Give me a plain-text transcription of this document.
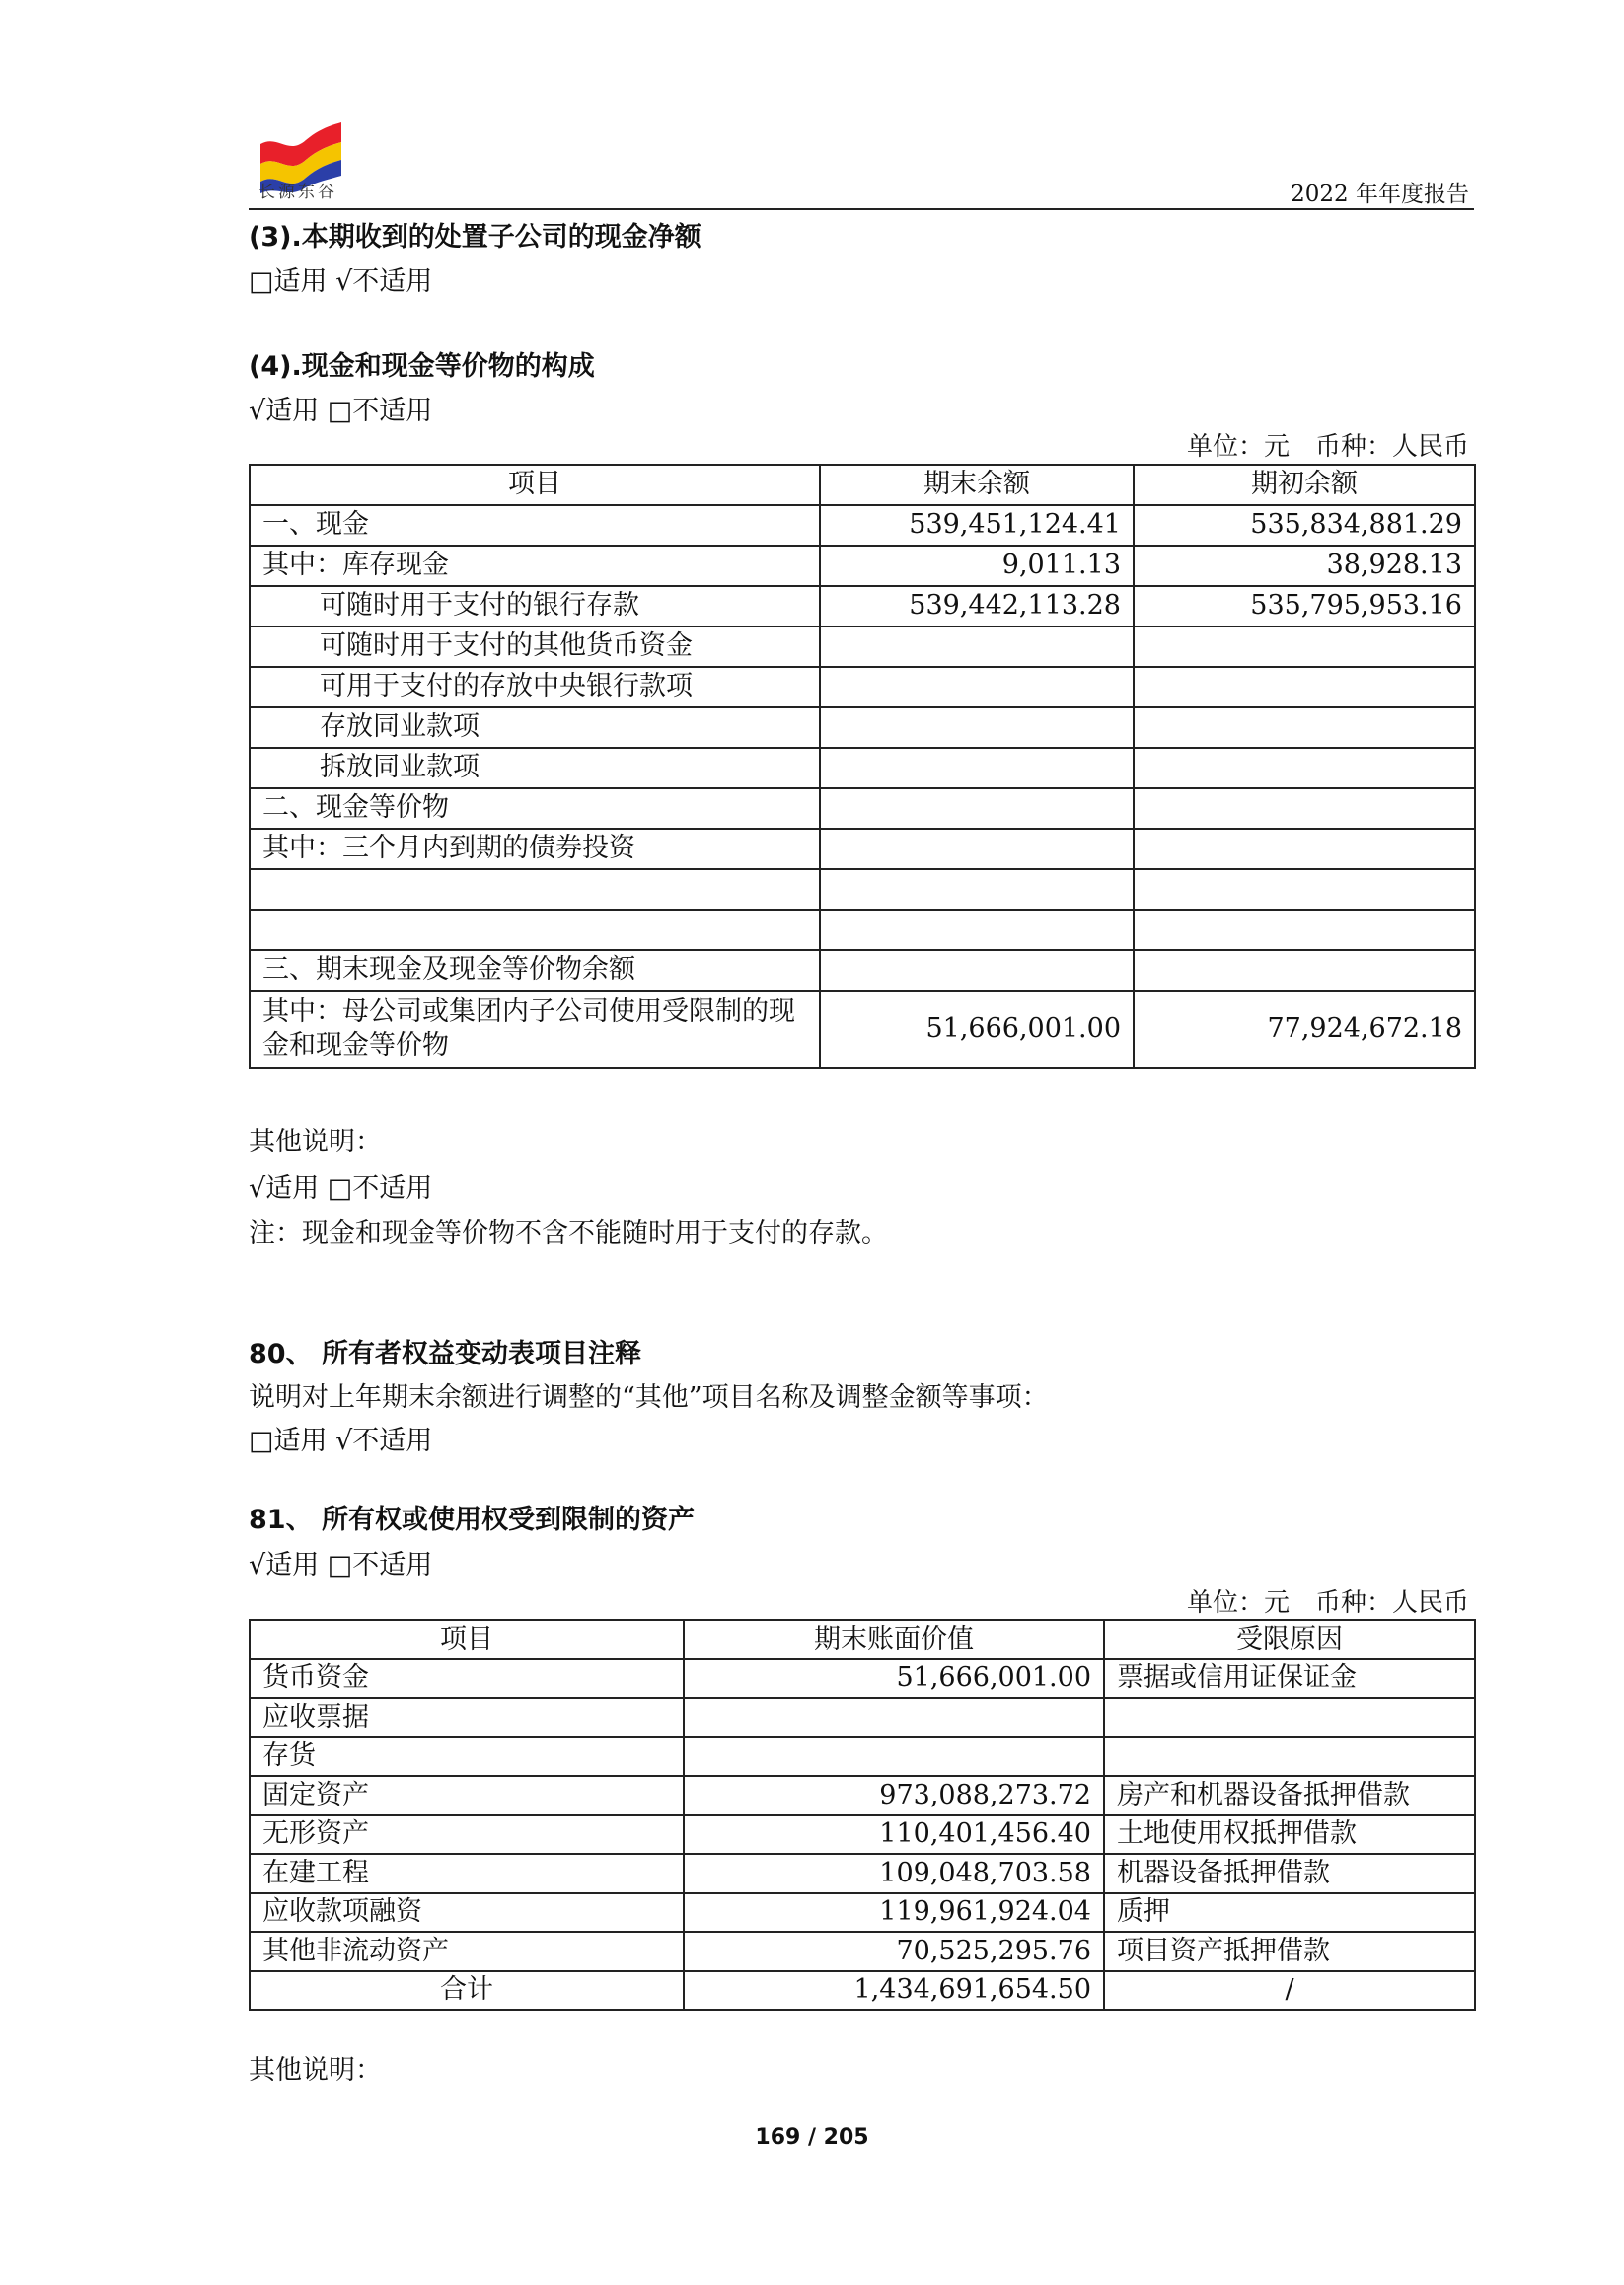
长源东谷	2022 年年度报告
(3).本期收到的处置子公司的现金净额
□适用 √不适用
(4).现金和现金等价物的构成
√适用 □不适用
单位：元　币种：人民币
项目	期末余额	期初余额
一、现金	539,451,124.41	535,834,881.29
其中：库存现金	9,011.13	38,928.13
可随时用于支付的银行存款	539,442,113.28	535,795,953.16
可随时用于支付的其他货币资金		
可用于支付的存放中央银行款项		
存放同业款项		
拆放同业款项		
二、现金等价物		
其中：三个月内到期的债券投资		

三、期末现金及现金等价物余额		
其中：母公司或集团内子公司使用受限制的现金和现金等价物	51,666,001.00	77,924,672.18
其他说明：
√适用 □不适用
注：现金和现金等价物不含不能随时用于支付的存款。
80、 所有者权益变动表项目注释
说明对上年期末余额进行调整的“其他”项目名称及调整金额等事项：
□适用 √不适用
81、 所有权或使用权受到限制的资产
√适用 □不适用
单位：元　币种：人民币
项目	期末账面价值	受限原因
货币资金	51,666,001.00	票据或信用证保证金
应收票据		
存货		
固定资产	973,088,273.72	房产和机器设备抵押借款
无形资产	110,401,456.40	土地使用权抵押借款
在建工程	109,048,703.58	机器设备抵押借款
应收款项融资	119,961,924.04	质押
其他非流动资产	70,525,295.76	项目资产抵押借款
合计	1,434,691,654.50	/
其他说明：
169 / 205
